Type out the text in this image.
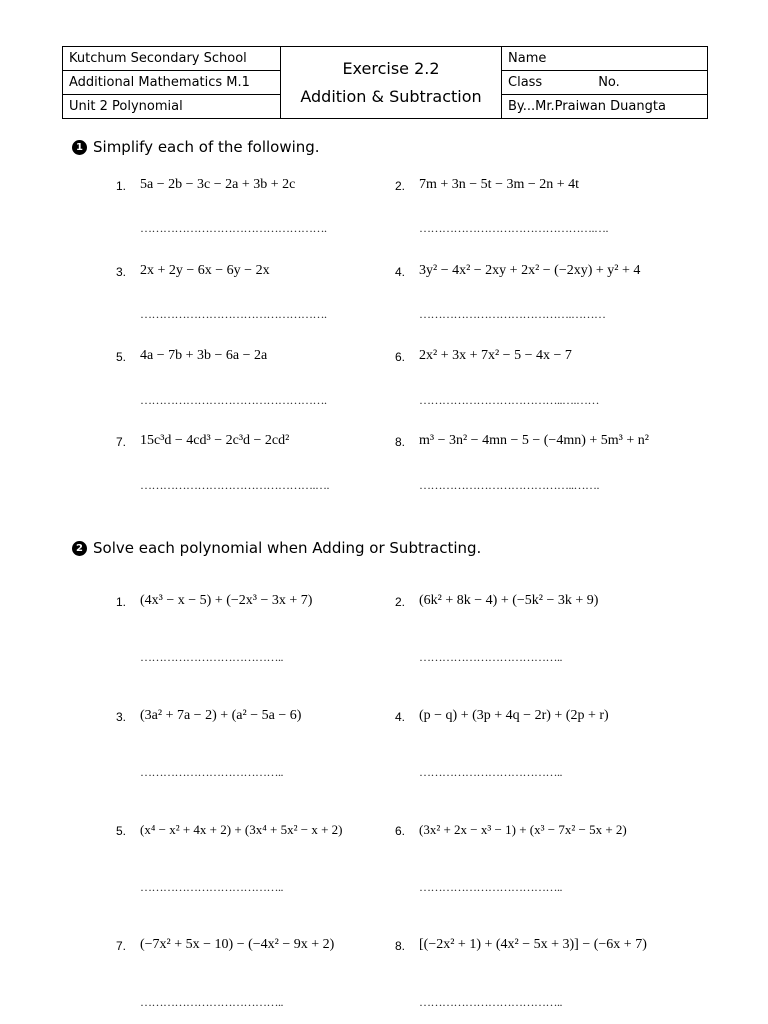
Kutchum Secondary School
Additional Mathematics M.1
Unit 2 Polynomial
Exercise 2.2
Addition & Subtraction
Name
Class	No.
By...Mr.Praiwan Duangta
1 Simplify each of the following.
1. 5a − 2b − 3c − 2a + 3b + 2c
………………………………………….
2. 7m + 3n − 5t − 3m − 2n + 4t
……………………………………….….
3. 2x + 2y − 6x − 6y − 2x
………………………………………….
4. 3y² − 4x² − 2xy + 2x² − (−2xy) + y² + 4
………………………………….………
5. 4a − 7b + 3b − 6a − 2a
………………………………………….
6. 2x² + 3x + 7x² − 5 − 4x − 7
………………………………..….……
7. 15c³d − 4cd³ − 2c³d − 2cd²
……………………………………….….
8. m³ − 3n² − 4mn − 5 − (−4mn) + 5m³ + n²
…………………………………..…….
2 Solve each polynomial when Adding or Subtracting.
1. (4x³ − x − 5) + (−2x³ − 3x + 7)
………………………………..
2. (6k² + 8k − 4) + (−5k² − 3k + 9)
………………………………..
3. (3a² + 7a − 2) + (a² − 5a − 6)
………………………………..
4. (p − q) + (3p + 4q − 2r) + (2p + r)
………………………………..
5. (x⁴ − x² + 4x + 2) + (3x⁴ + 5x² − x + 2)
………………………………..
6. (3x² + 2x − x³ − 1) + (x³ − 7x² − 5x + 2)
………………………………..
7. (−7x² + 5x − 10) − (−4x² − 9x + 2)
………………………………..
8. [(−2x² + 1) + (4x² − 5x + 3)] − (−6x + 7)
………………………………..
